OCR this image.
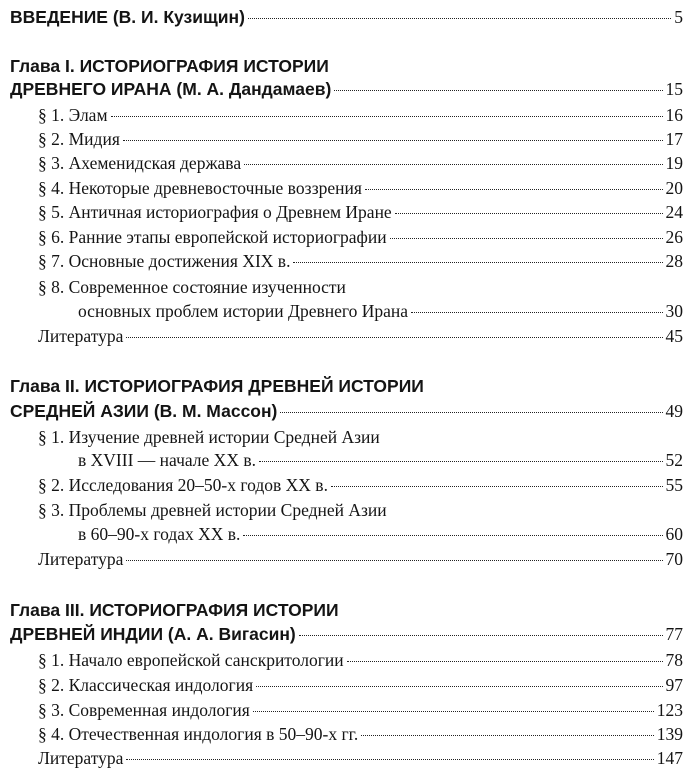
ВВЕДЕНИЕ (В. И. Кузищин)	5
Глава I. ИСТОРИОГРАФИЯ ИСТОРИИ
ДРЕВНЕГО ИРАНА (М. А. Дандамаев)	15
§ 1. Элам	16
§ 2. Мидия	17
§ 3. Ахеменидская держава	19
§ 4. Некоторые древневосточные воззрения	20
§ 5. Античная историография о Древнем Иране	24
§ 6. Ранние этапы европейской историографии	26
§ 7. Основные достижения XIX в.	28
§ 8. Современное состояние изученности
основных проблем истории Древнего Ирана	30
Литература	45
Глава II. ИСТОРИОГРАФИЯ ДРЕВНЕЙ ИСТОРИИ
СРЕДНЕЙ АЗИИ (В. М. Массон)	49
§ 1. Изучение древней истории Средней Азии
в XVIII — начале XX в.	52
§ 2. Исследования 20–50-х годов XX в.	55
§ 3. Проблемы древней истории Средней Азии
в 60–90-х годах XX в.	60
Литература	70
Глава III. ИСТОРИОГРАФИЯ ИСТОРИИ
ДРЕВНЕЙ ИНДИИ (А. А. Вигасин)	77
§ 1. Начало европейской санскритологии	78
§ 2. Классическая индология	97
§ 3. Современная индология	123
§ 4. Отечественная индология в 50–90-х гг.	139
Литература	147
